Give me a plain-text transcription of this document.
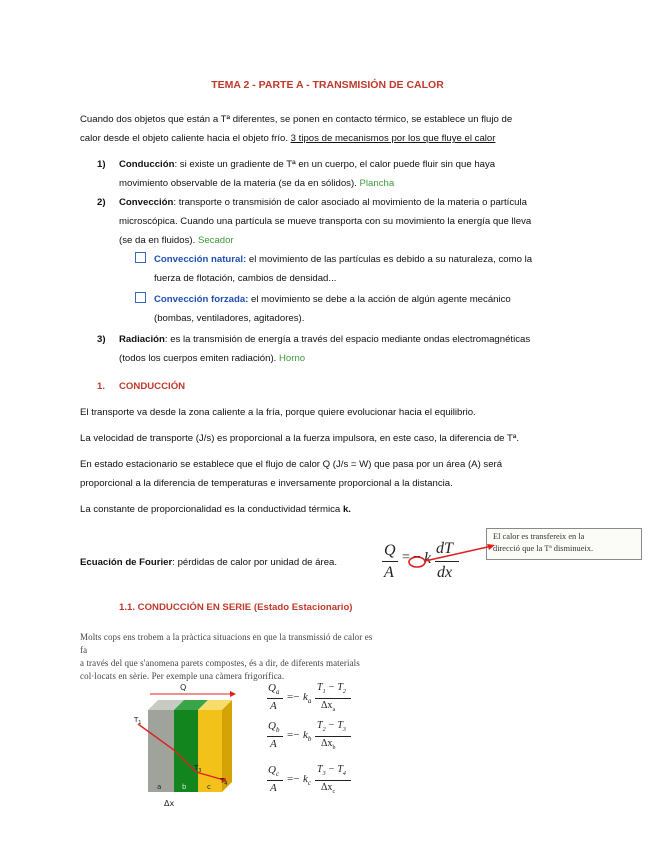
TEMA 2 - PARTE A - TRANSMISIÓN DE CALOR
Cuando dos objetos que están a Tª diferentes, se ponen en contacto térmico, se establece un flujo de
calor desde el objeto caliente hacia el objeto frío. 3 tipos de mecanismos por los que fluye el calor
1) Conducción: si existe un gradiente de Tª en un cuerpo, el calor puede fluir sin que haya
movimiento observable de la materia (se da en sólidos). Plancha
2) Convección: transporte o transmisión de calor asociado al movimiento de la materia o partícula
microscópica. Cuando una partícula se mueve transporta con su movimiento la energía que lleva
(se da en fluidos). Secador
Convección natural: el movimiento de las partículas es debido a su naturaleza, como la
fuerza de flotación, cambios de densidad...
Convección forzada: el movimiento se debe a la acción de algún agente mecánico
(bombas, ventiladores, agitadores).
3) Radiación: es la transmisión de energía a través del espacio mediante ondas electromagnéticas
(todos los cuerpos emiten radiación). Horno
1. CONDUCCIÓN
El transporte va desde la zona caliente a la fría, porque quiere evolucionar hacia el equilibrio.
La velocidad de transporte (J/s) es proporcional a la fuerza impulsora, en este caso, la diferencia de Tª.
En estado estacionario se establece que el flujo de calor Q (J/s = W) que pasa por un área (A) será
proporcional a la diferencia de temperaturas e inversamente proporcional a la distancia.
La constante de proporcionalidad es la conductividad térmica k.
El calor es transfereix en la
direcció que la Tª disminueix.
Ecuación de Fourier: pérdidas de calor por unidad de área.
Q
A
= − k
dT
dx
1.1. CONDUCCIÓN EN SERIE (Estado Estacionario)
Molts cops ens trobem a la pràctica situacions en que la transmissió de calor es fa
a través del que s'anomena parets compostes, és a dir, de diferents materials
col·locats en sèrie. Per exemple una càmera frigorífica.
Q
$T_1$
$T_3$
$T_4$
a	b	c
Δx
$Q_a$
A
=− $k_a$
$T_1 - T_2$
$\Delta x_a$
$Q_b$
A
=− $k_b$
$T_2 - T_3$
$\Delta x_b$
$Q_c$
A
=− $k_c$
$T_3 - T_4$
$\Delta x_c$
